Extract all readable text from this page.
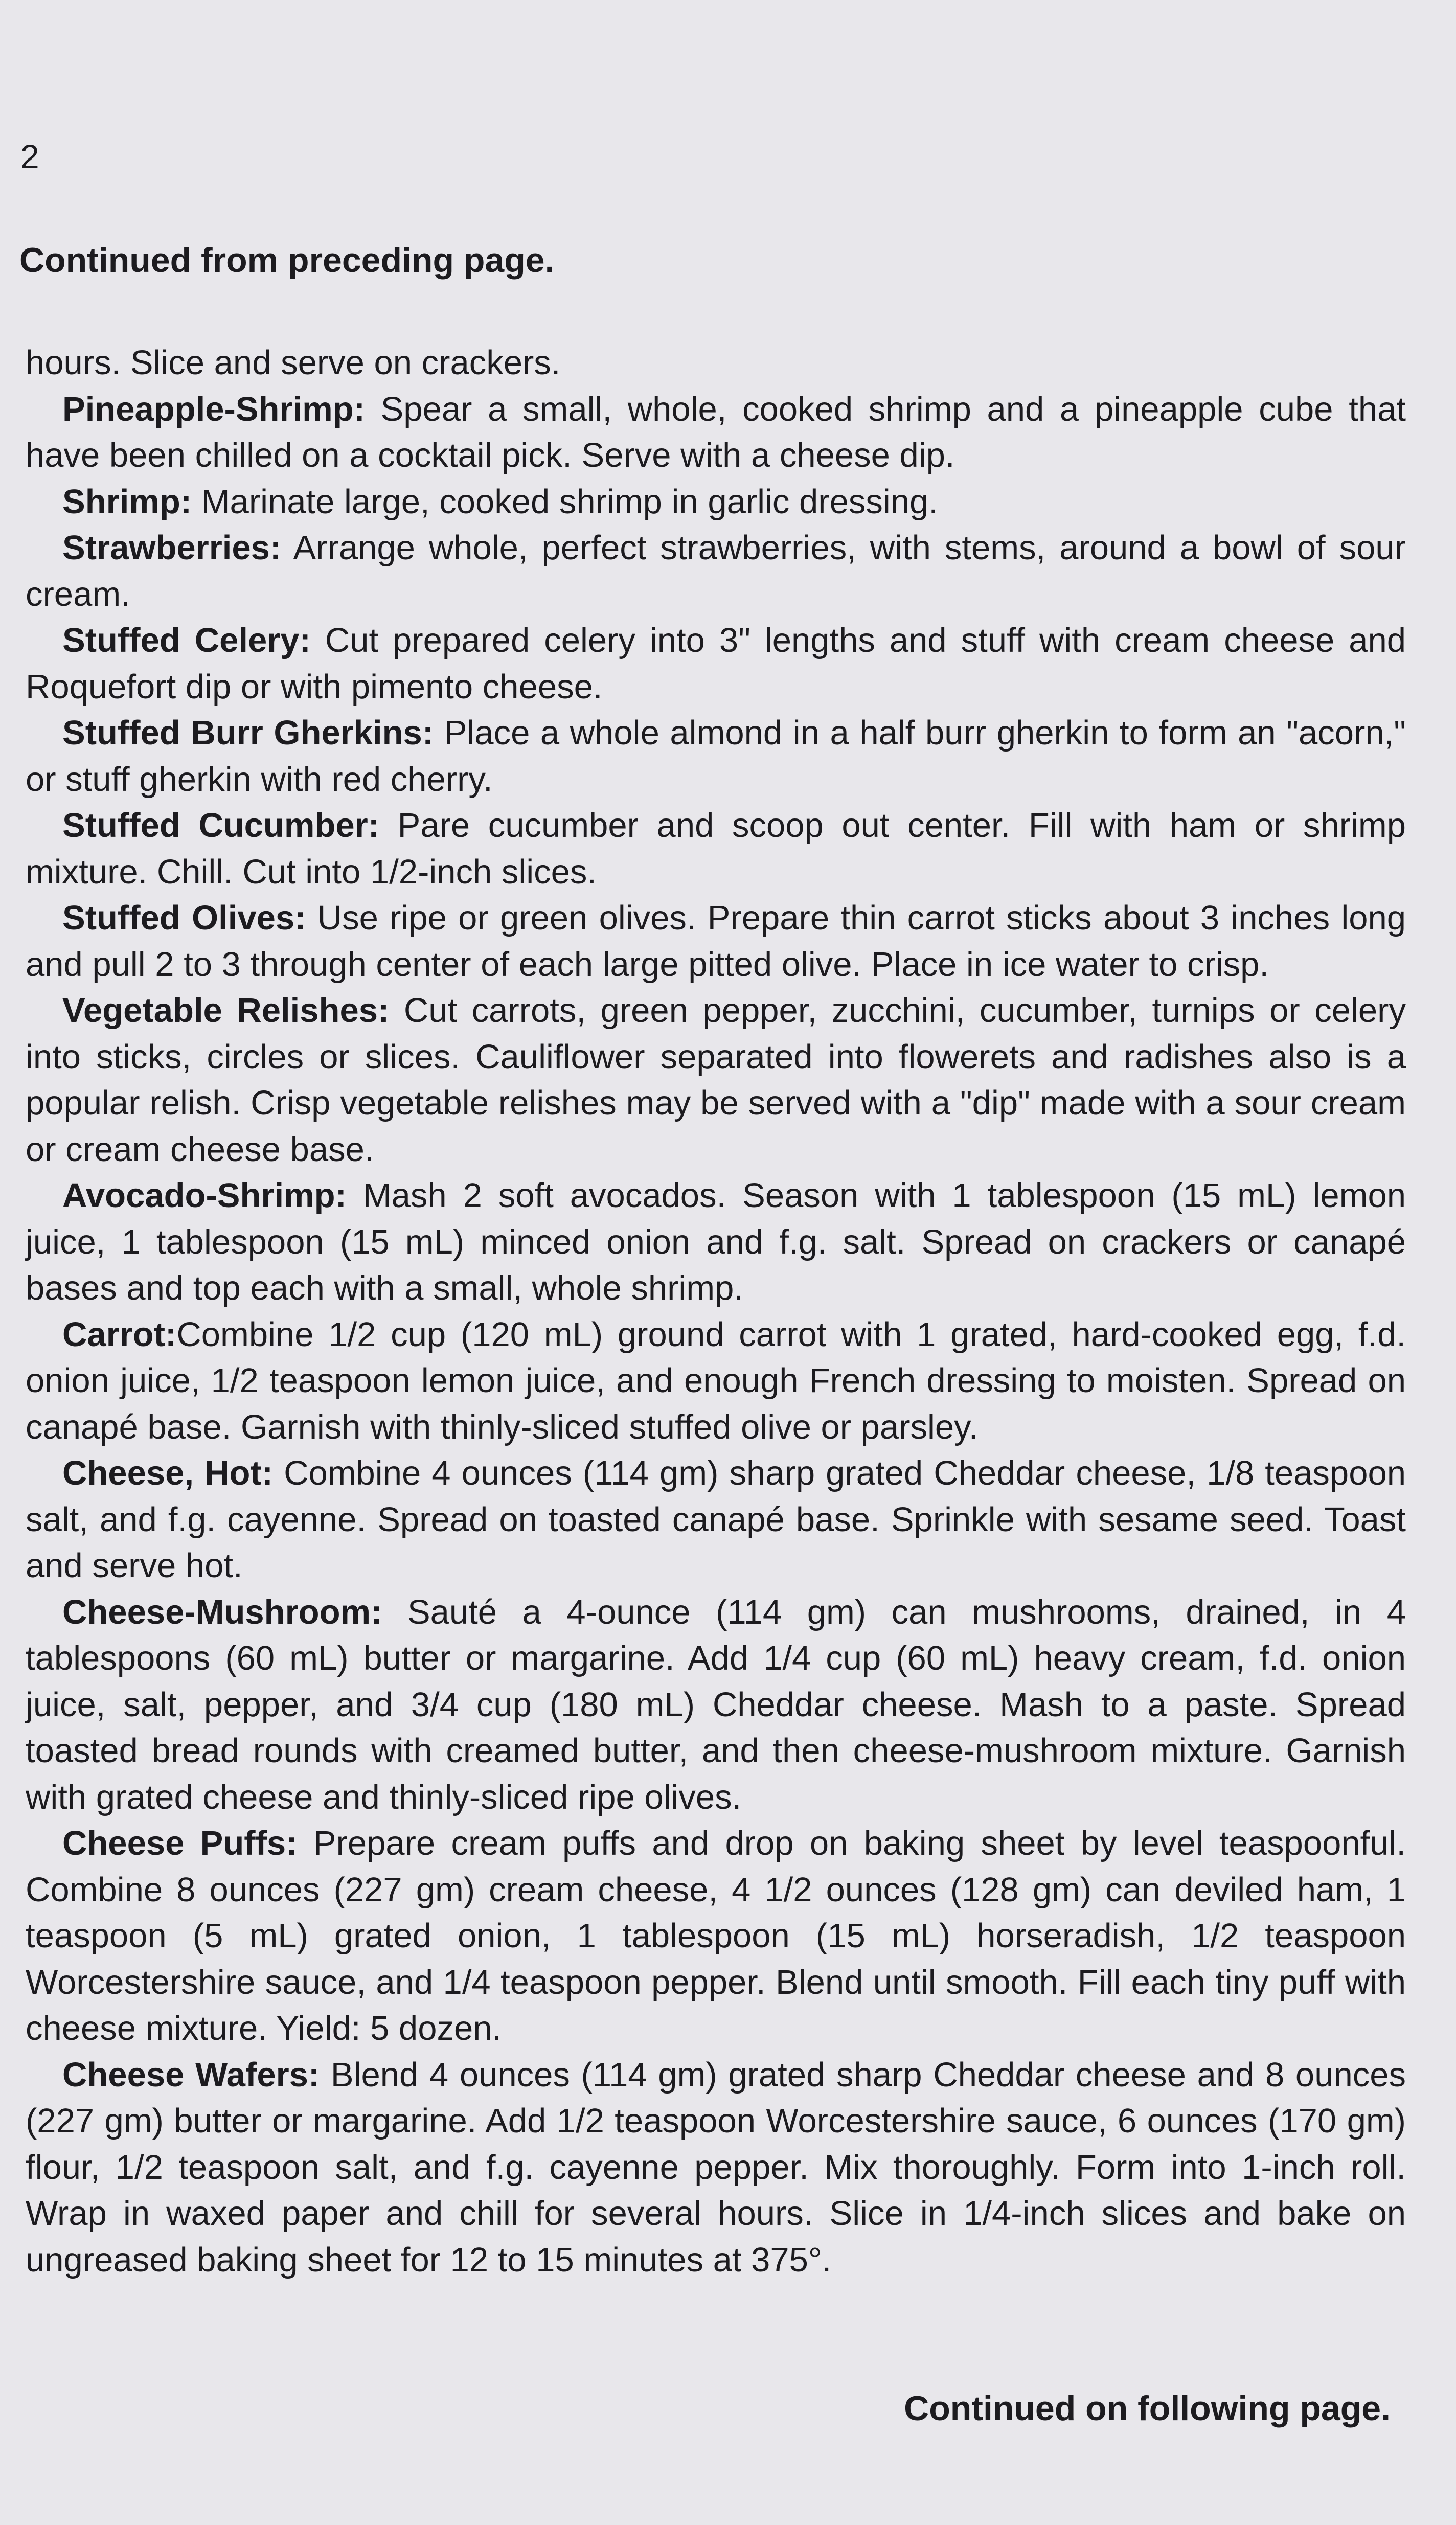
2
Continued from preceding page.

hours. Slice and serve on crackers.

Pineapple-Shrimp: Spear a small, whole, cooked shrimp and a pineapple cube that have been chilled on a cocktail pick. Serve with a cheese dip.

Shrimp: Marinate large, cooked shrimp in garlic dressing.

Strawberries: Arrange whole, perfect strawberries, with stems, around a bowl of sour cream.

Stuffed Celery: Cut prepared celery into 3" lengths and stuff with cream cheese and Roquefort dip or with pimento cheese.

Stuffed Burr Gherkins: Place a whole almond in a half burr gherkin to form an "acorn," or stuff gherkin with red cherry.

Stuffed Cucumber: Pare cucumber and scoop out center. Fill with ham or shrimp mixture. Chill. Cut into 1/2-inch slices.

Stuffed Olives: Use ripe or green olives. Prepare thin carrot sticks about 3 inches long and pull 2 to 3 through center of each large pitted olive. Place in ice water to crisp.

Vegetable Relishes: Cut carrots, green pepper, zucchini, cucumber, turnips or celery into sticks, circles or slices. Cauliflower separated into flowerets and radishes also is a popular relish. Crisp vegetable relishes may be served with a "dip" made with a sour cream or cream cheese base.

Avocado-Shrimp: Mash 2 soft avocados. Season with 1 tablespoon (15 mL) lemon juice, 1 tablespoon (15 mL) minced onion and f.g. salt. Spread on crackers or canapé bases and top each with a small, whole shrimp.

Carrot:Combine 1/2 cup (120 mL) ground carrot with 1 grated, hard-cooked egg, f.d. onion juice, 1/2 teaspoon lemon juice, and enough French dressing to moisten. Spread on canapé base. Garnish with thinly-sliced stuffed olive or parsley.

Cheese, Hot: Combine 4 ounces (114 gm) sharp grated Cheddar cheese, 1/8 teaspoon salt, and f.g. cayenne. Spread on toasted canapé base. Sprinkle with sesame seed. Toast and serve hot.

Cheese-Mushroom: Sauté a 4-ounce (114 gm) can mushrooms, drained, in 4 tablespoons (60 mL) butter or margarine. Add 1/4 cup (60 mL) heavy cream, f.d. onion juice, salt, pepper, and 3/4 cup (180 mL) Cheddar cheese. Mash to a paste. Spread toasted bread rounds with creamed butter, and then cheese-mushroom mixture. Garnish with grated cheese and thinly-sliced ripe olives.

Cheese Puffs: Prepare cream puffs and drop on baking sheet by level teaspoonful. Combine 8 ounces (227 gm) cream cheese, 4 1/2 ounces (128 gm) can deviled ham, 1 teaspoon (5 mL) grated onion, 1 tablespoon (15 mL) horseradish, 1/2 teaspoon Worcestershire sauce, and 1/4 teaspoon pepper. Blend until smooth. Fill each tiny puff with cheese mixture. Yield: 5 dozen.

Cheese Wafers: Blend 4 ounces (114 gm) grated sharp Cheddar cheese and 8 ounces (227 gm) butter or margarine. Add 1/2 teaspoon Worcestershire sauce, 6 ounces (170 gm) flour, 1/2 teaspoon salt, and f.g. cayenne pepper. Mix thoroughly. Form into 1-inch roll. Wrap in waxed paper and chill for several hours. Slice in 1/4-inch slices and bake on ungreased baking sheet for 12 to 15 minutes at 375°.

Continued on following page.
